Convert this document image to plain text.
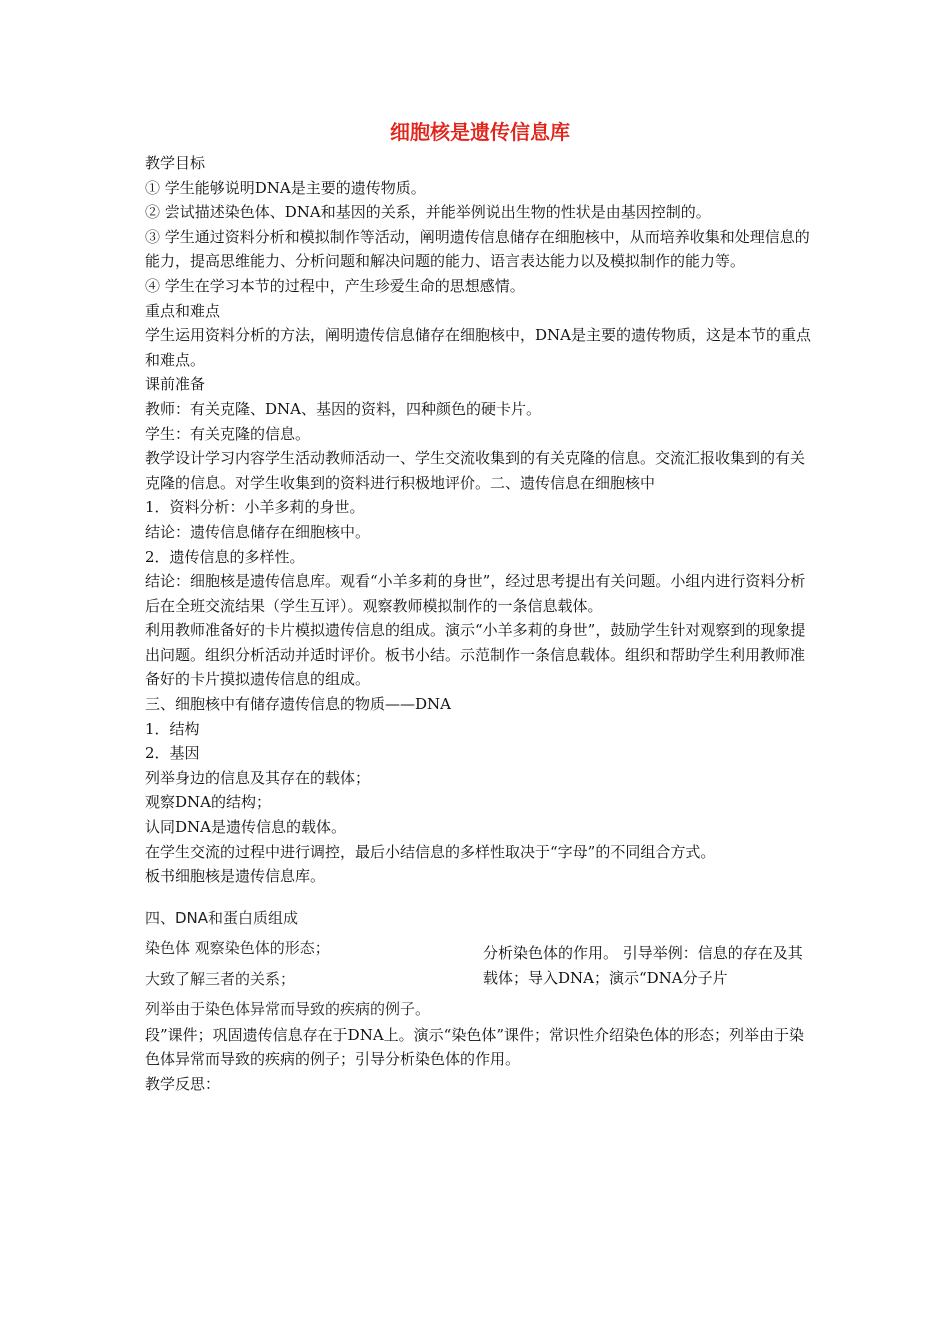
细胞核是遗传信息库

教学目标

① 学生能够说明DNA是主要的遗传物质。

② 尝试描述染色体、DNA和基因的关系，并能举例说出生物的性状是由基因控制的。

③ 学生通过资料分析和模拟制作等活动，阐明遗传信息储存在细胞核中，从而培养收集和处理信息的能力，提高思维能力、分析问题和解决问题的能力、语言表达能力以及模拟制作的能力等。

④ 学生在学习本节的过程中，产生珍爱生命的思想感情。

重点和难点

学生运用资料分析的方法，阐明遗传信息储存在细胞核中，DNA是主要的遗传物质，这是本节的重点和难点。

课前准备

教师：有关克隆、DNA、基因的资料，四种颜色的硬卡片。

学生：有关克隆的信息。

教学设计学习内容学生活动教师活动一、学生交流收集到的有关克隆的信息。交流汇报收集到的有关克隆的信息。对学生收集到的资料进行积极地评价。二、遗传信息在细胞核中

1．资料分析：小羊多莉的身世。

结论：遗传信息储存在细胞核中。

2．遗传信息的多样性。

结论：细胞核是遗传信息库。观看“小羊多莉的身世”，经过思考提出有关问题。小组内进行资料分析后在全班交流结果（学生互评）。观察教师模拟制作的一条信息载体。

利用教师准备好的卡片模拟遗传信息的组成。演示“小羊多莉的身世”，鼓励学生针对观察到的现象提出问题。组织分析活动并适时评价。板书小结。示范制作一条信息载体。组织和帮助学生利用教师准备好的卡片摸拟遗传信息的组成。

三、细胞核中有储存遗传信息的物质——DNA

1．结构

2．基因

列举身边的信息及其存在的载体；

观察DNA的结构；

认同DNA是遗传信息的载体。

在学生交流的过程中进行调控，最后小结信息的多样性取决于“字母”的不同组合方式。

板书细胞核是遗传信息库。

四、DNA和蛋白质组成
染色体 观察染色体的形态；
大致了解三者的关系；
列举由于染色体异常而导致的疾病的例子。
分析染色体的作用。 引导举例：信息的存在及其载体；导入DNA；演示“DNA分子片

段”课件；巩固遗传信息存在于DNA上。演示“染色体”课件；常识性介绍染色体的形态；列举由于染色体异常而导致的疾病的例子；引导分析染色体的作用。

教学反思：
